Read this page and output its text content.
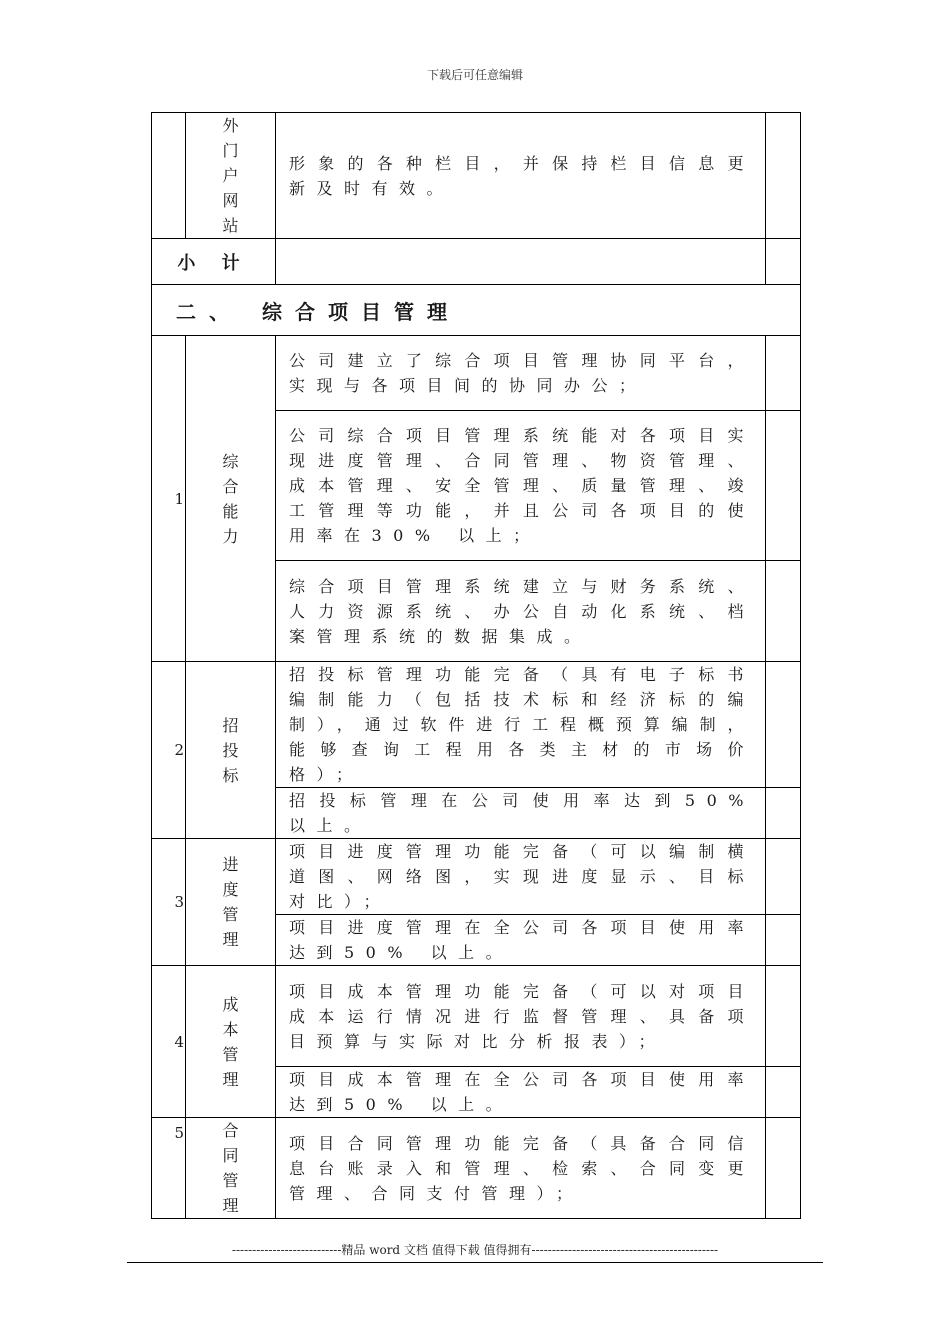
下载后可任意编辑

	外
门
户
网
站	形象的各种栏目，并保持栏目信息更新及时有效。	
小 计			
二、 综合项目管理			
1	综
合
能
力	公司建立了综合项目管理协同平台，实现与各项目间的协同办公；	
		公司综合项目管理系统能对各项目实现进度管理、合同管理、物资管理、成本管理、安全管理、质量管理、竣工管理等功能，并且公司各项目的使用率在30% 以上；	
		综合项目管理系统建立与财务系统、人力资源系统、办公自动化系统、档案管理系统的数据集成。	
2	招
投
标	招投标管理功能完备（具有电子标书编制能力（包括技术标和经济标的编制），通过软件进行工程概预算编制，能够查询工程用各类主材的市场价格）；	
		招投标管理在公司使用率达到50% 以上。	
3	进
度
管
理	项目进度管理功能完备（可以编制横道图、网络图，实现进度显示、目标对比）；	
		项目进度管理在全公司各项目使用率达到50% 以上。	
4	成
本
管
理	项目成本管理功能完备（可以对项目成本运行情况进行监督管理、具备项目预算与实际对比分析报表）；	
		项目成本管理在全公司各项目使用率达到50% 以上。	
5	合
同
管
理	项目合同管理功能完备（具备合同信息台账录入和管理、检索、合同变更管理、合同支付管理）；	
---------------------------精品 word 文档 值得下载 值得拥有----------------------------------------------
